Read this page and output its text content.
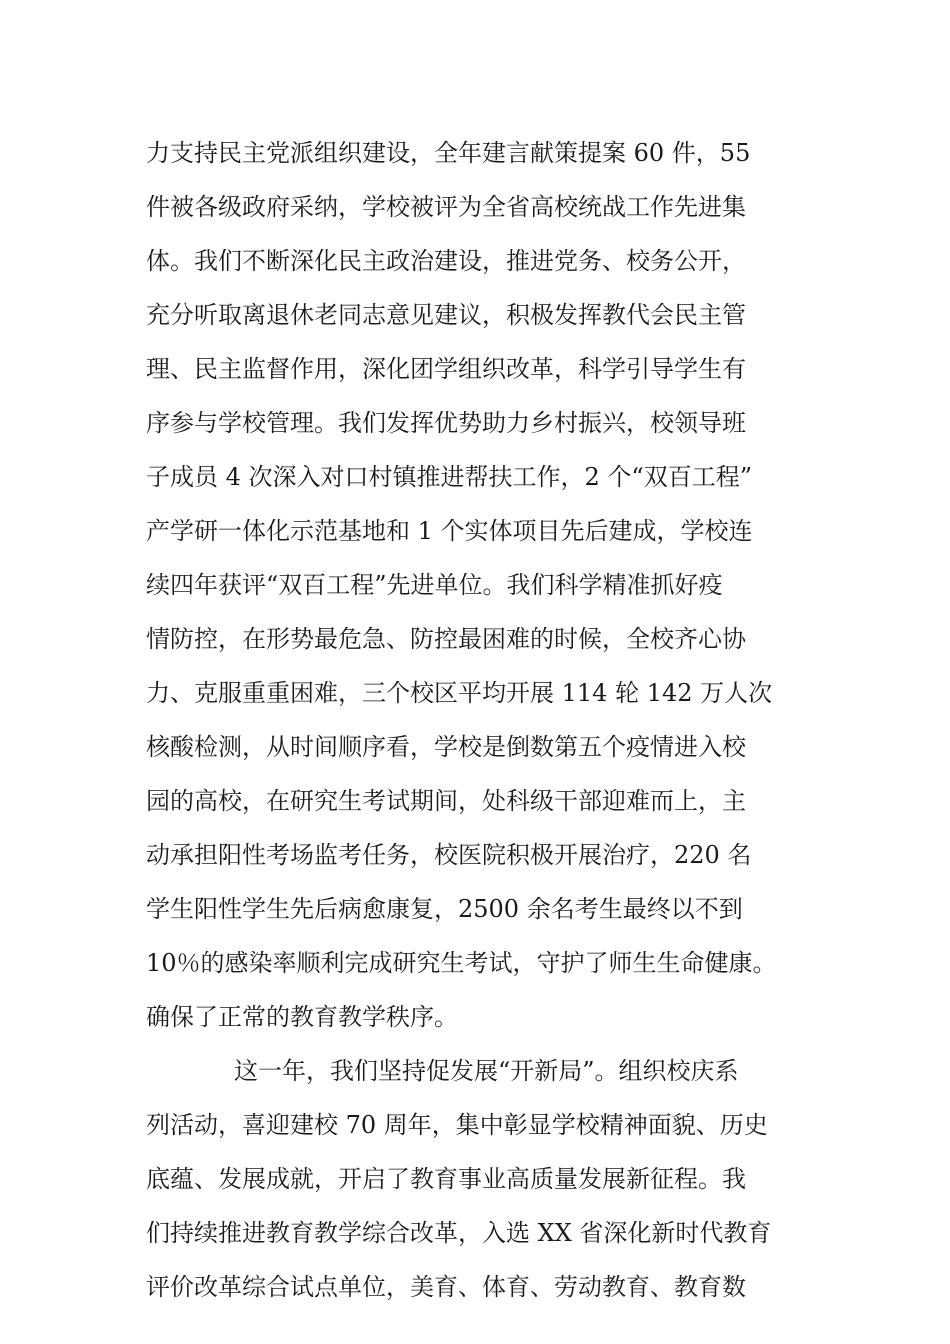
力支持民主党派组织建设，全年建言献策提案 60 件，55
件被各级政府采纳，学校被评为全省高校统战工作先进集
体。我们不断深化民主政治建设，推进党务、校务公开，
充分听取离退休老同志意见建议，积极发挥教代会民主管
理、民主监督作用，深化团学组织改革，科学引导学生有
序参与学校管理。我们发挥优势助力乡村振兴，校领导班
子成员 4 次深入对口村镇推进帮扶工作，2 个“双百工程”
产学研一体化示范基地和 1 个实体项目先后建成，学校连
续四年获评“双百工程”先进单位。我们科学精准抓好疫
情防控，在形势最危急、防控最困难的时候，全校齐心协
力、克服重重困难，三个校区平均开展 114 轮 142 万人次
核酸检测，从时间顺序看，学校是倒数第五个疫情进入校
园的高校，在研究生考试期间，处科级干部迎难而上，主
动承担阳性考场监考任务，校医院积极开展治疗，220 名
学生阳性学生先后病愈康复，2500 余名考生最终以不到
10％的感染率顺利完成研究生考试，守护了师生生命健康。
确保了正常的教育教学秩序。
这一年，我们坚持促发展“开新局”。组织校庆系
列活动，喜迎建校 70 周年，集中彰显学校精神面貌、历史
底蕴、发展成就，开启了教育事业高质量发展新征程。我
们持续推进教育教学综合改革，入选 XX 省深化新时代教育
评价改革综合试点单位，美育、体育、劳动教育、教育数
